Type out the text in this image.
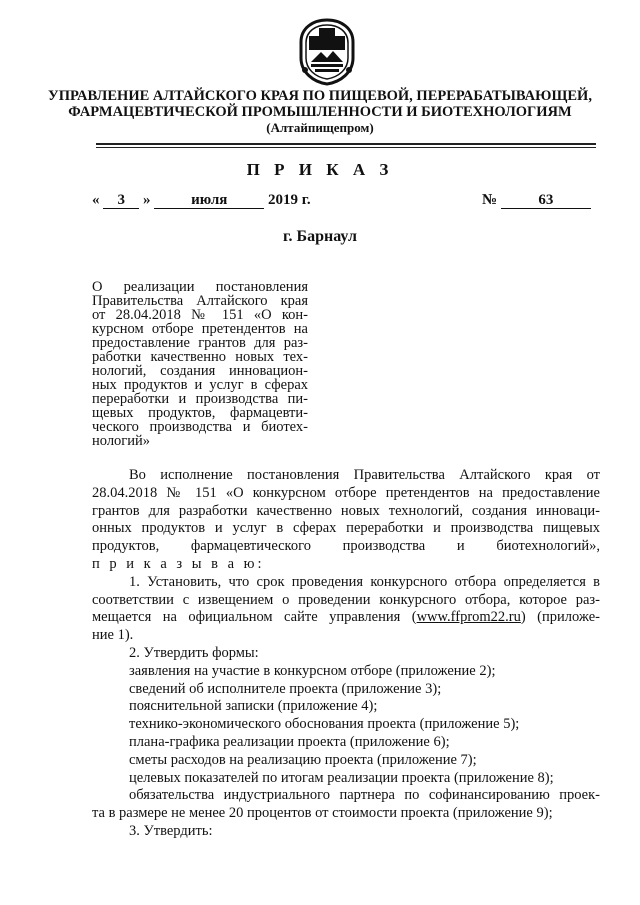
УПРАВЛЕНИЕ АЛТАЙСКОГО КРАЯ ПО ПИЩЕВОЙ, ПЕРЕРАБАТЫВАЮЩЕЙ,
ФАРМАЦЕВТИЧЕСКОЙ ПРОМЫШЛЕННОСТИ И БИОТЕХНОЛОГИЯМ
(Алтайпищепром)
П Р И К А З
« 3 »	июля	2019 г.	№	63
г. Барнаул
О реализации постановления
Правительства Алтайского края
от 28.04.2018 № 151 «О кон-
курсном отборе претендентов на
предоставление грантов для раз-
работки качественно новых тех-
нологий, создания инновацион-
ных продуктов и услуг в сферах
переработки и производства пи-
щевых продуктов, фармацевти-
ческого производства и биотех-
нологий»

Во исполнение постановления Правительства Алтайского края от

28.04.2018 № 151 «О конкурсном отборе претендентов на предоставление

грантов для разработки качественно новых технологий, создания инноваци-

онных продуктов и услуг в сферах переработки и производства пищевых

продуктов, фармацевтического производства и биотехнологий»,

п р и к а з ы в а ю:

1. Установить, что срок проведения конкурсного отбора определяется в

соответствии с извещением о проведении конкурсного отбора, которое раз-

мещается на официальном сайте управления (www.ffprom22.ru) (приложе-

ние 1).

2. Утвердить формы:

заявления на участие в конкурсном отборе (приложение 2);

сведений об исполнителе проекта (приложение 3);

пояснительной записки (приложение 4);

технико-экономического обоснования проекта (приложение 5);

плана-графика реализации проекта (приложение 6);

сметы расходов на реализацию проекта (приложение 7);

целевых показателей по итогам реализации проекта (приложение 8);

обязательства индустриального партнера по софинансированию проек-

та в размере не менее 20 процентов от стоимости проекта (приложение 9);

3. Утвердить:
